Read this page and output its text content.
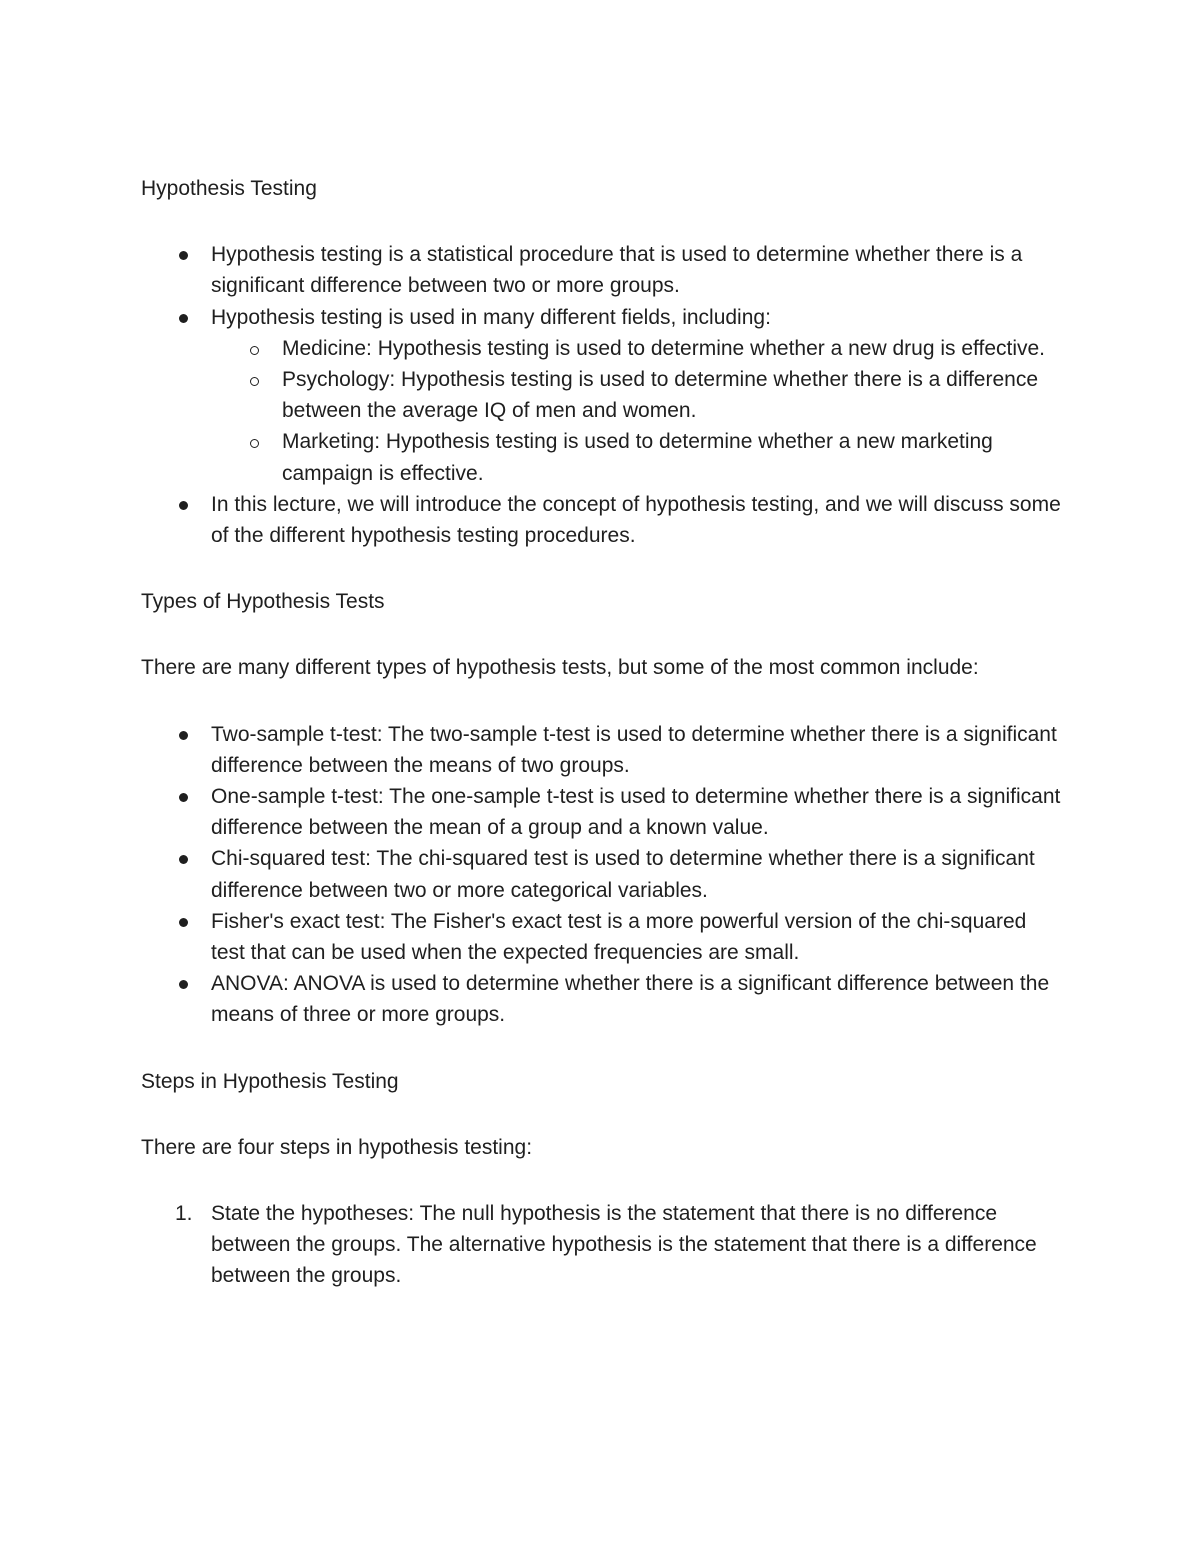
Hypothesis Testing

Hypothesis testing is a statistical procedure that is used to determine whether there is a significant difference between two or more groups.
Hypothesis testing is used in many different fields, including:
Medicine: Hypothesis testing is used to determine whether a new drug is effective.
Psychology: Hypothesis testing is used to determine whether there is a difference between the average IQ of men and women.
Marketing: Hypothesis testing is used to determine whether a new marketing campaign is effective.
In this lecture, we will introduce the concept of hypothesis testing, and we will discuss some of the different hypothesis testing procedures.

Types of Hypothesis Tests

There are many different types of hypothesis tests, but some of the most common include:

Two-sample t-test: The two-sample t-test is used to determine whether there is a significant difference between the means of two groups.
One-sample t-test: The one-sample t-test is used to determine whether there is a significant difference between the mean of a group and a known value.
Chi-squared test: The chi-squared test is used to determine whether there is a significant difference between two or more categorical variables.
Fisher's exact test: The Fisher's exact test is a more powerful version of the chi-squared test that can be used when the expected frequencies are small.
ANOVA: ANOVA is used to determine whether there is a significant difference between the means of three or more groups.

Steps in Hypothesis Testing

There are four steps in hypothesis testing:

1. State the hypotheses: The null hypothesis is the statement that there is no difference between the groups. The alternative hypothesis is the statement that there is a difference between the groups.
